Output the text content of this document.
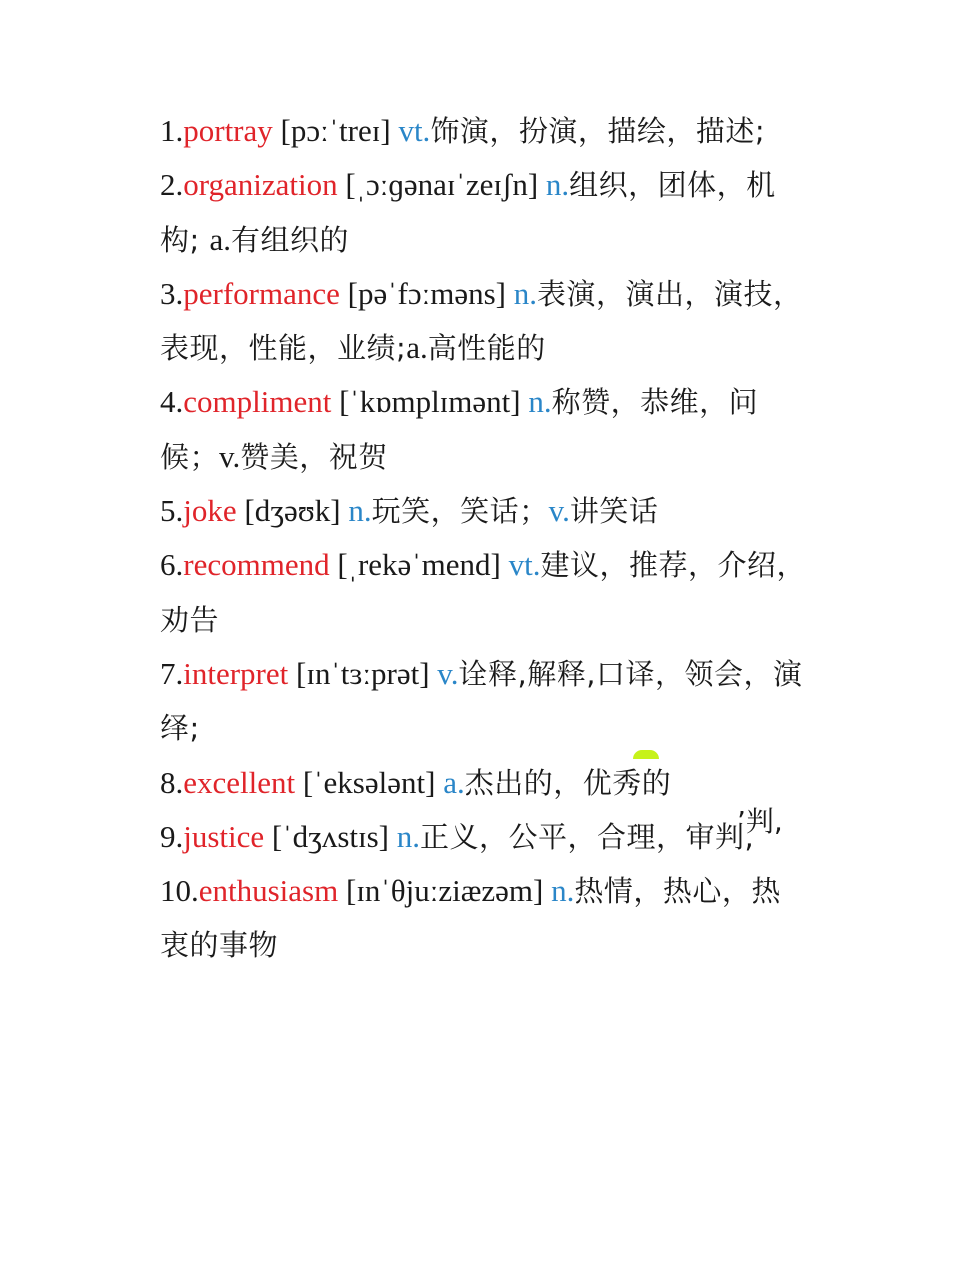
1.portray [pɔːˈtreɪ] vt.饰演，扮演，描绘，描述;

2.organization [ˌɔːɡənaɪˈzeɪʃn] n.组织，团体，机构; a.有组织的

3.performance [pəˈfɔːməns] n.表演，演出，演技，表现，性能，业绩;a.高性能的

4.compliment [ˈkɒmplɪmənt] n.称赞，恭维，问候；v.赞美，祝贺

5.joke [dʒəʊk] n.玩笑，笑话；v.讲笑话

6.recommend [ˌrekəˈmend] vt.建议，推荐，介绍，劝告

7.interpret [ɪnˈtɜːprət] v.诠释,解释,口译，领会，演绎;

8.excellent [ˈeksələnt] a.杰出的，优秀的

9.justice [ˈdʒʌstɪs] n.正义，公平，合理，审判,

10.enthusiasm [ɪnˈθjuːziæzəm] n.热情，热心，热衷的事物

’判,
